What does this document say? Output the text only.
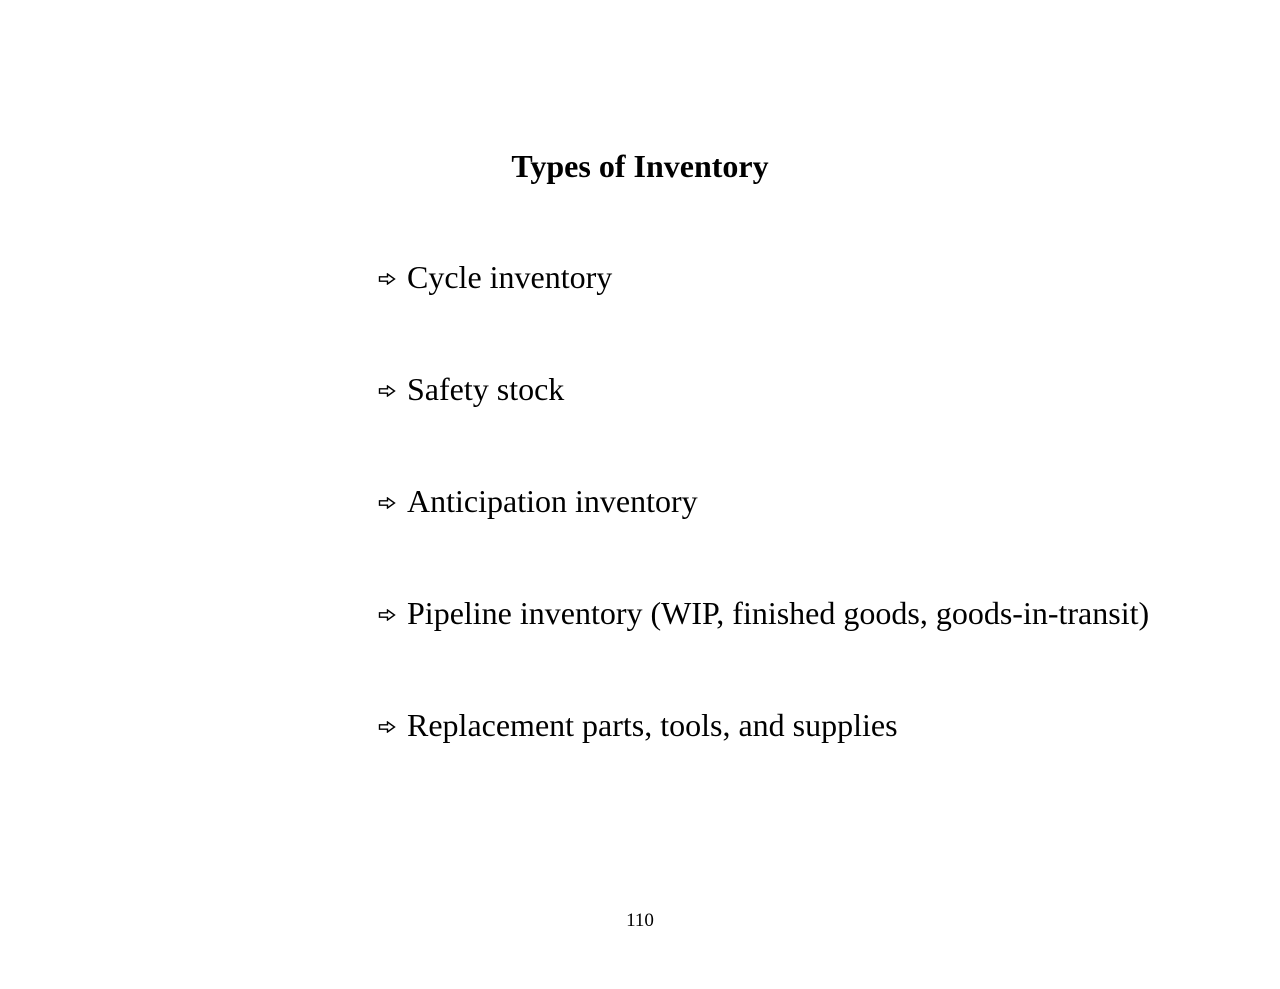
Types of Inventory
Cycle inventory
Safety stock
Anticipation inventory
Pipeline inventory (WIP, finished goods, goods-in-transit)
Replacement parts, tools, and supplies
110
